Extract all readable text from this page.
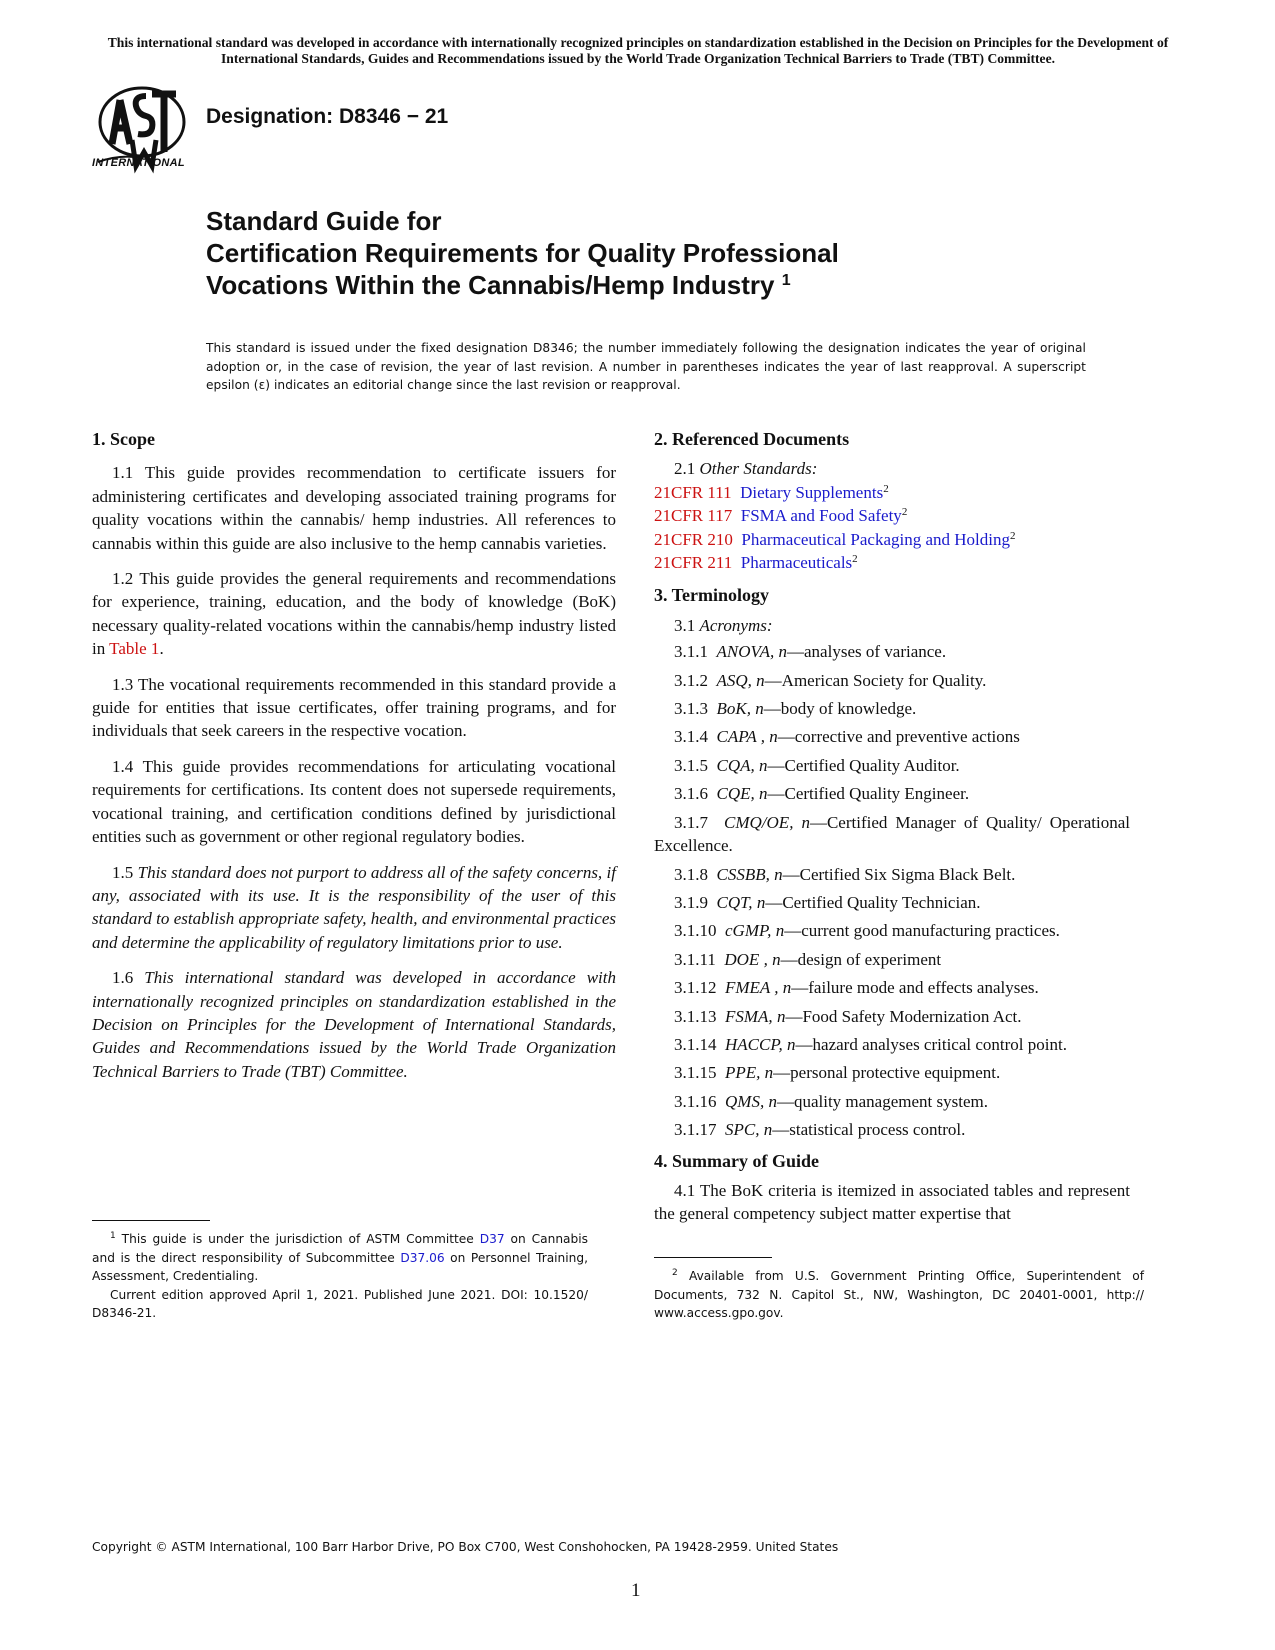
This international standard was developed in accordance with internationally recognized principles on standardization established in the Decision on Principles for the Development of International Standards, Guides and Recommendations issued by the World Trade Organization Technical Barriers to Trade (TBT) Committee.
INTERNATIONAL
Designation: D8346 − 21
Standard Guide for
Certification Requirements for Quality Professional
Vocations Within the Cannabis/Hemp Industry $^1$
This standard is issued under the fixed designation D8346; the number immediately following the designation indicates the year of original adoption or, in the case of revision, the year of last revision. A number in parentheses indicates the year of last reapproval. A superscript epsilon (ε) indicates an editorial change since the last revision or reapproval.
1. Scope

1.1 This guide provides recommendation to certificate issuers for administering certificates and developing associated training programs for quality vocations within the cannabis/ hemp industries. All references to cannabis within this guide are also inclusive to the hemp cannabis varieties.

1.2 This guide provides the general requirements and recommendations for experience, training, education, and the body of knowledge (BoK) necessary quality-related vocations within the cannabis/hemp industry listed in Table 1.

1.3 The vocational requirements recommended in this standard provide a guide for entities that issue certificates, offer training programs, and for individuals that seek careers in the respective vocation.

1.4 This guide provides recommendations for articulating vocational requirements for certifications. Its content does not supersede requirements, vocational training, and certification conditions defined by jurisdictional entities such as government or other regional regulatory bodies.

1.5 This standard does not purport to address all of the safety concerns, if any, associated with its use. It is the responsibility of the user of this standard to establish appropriate safety, health, and environmental practices and determine the applicability of regulatory limitations prior to use.

1.6 This international standard was developed in accordance with internationally recognized principles on standardization established in the Decision on Principles for the Development of International Standards, Guides and Recommendations issued by the World Trade Organization Technical Barriers to Trade (TBT) Committee.

$^1$ This guide is under the jurisdiction of ASTM Committee D37 on Cannabis and is the direct responsibility of Subcommittee D37.06 on Personnel Training, Assessment, Credentialing.
Current edition approved April 1, 2021. Published June 2021. DOI: 10.1520/ D8346-21.
2. Referenced Documents
2.1 Other Standards:
21CFR 111 Dietary Supplements$^2$
21CFR 117 FSMA and Food Safety$^2$
21CFR 210 Pharmaceutical Packaging and Holding$^2$
21CFR 211 Pharmaceuticals$^2$
3. Terminology
3.1 Acronyms:
3.1.1 ANOVA, n—analyses of variance.
3.1.2 ASQ, n—American Society for Quality.
3.1.3 BoK, n—body of knowledge.
3.1.4 CAPA , n—corrective and preventive actions
3.1.5 CQA, n—Certified Quality Auditor.
3.1.6 CQE, n—Certified Quality Engineer.
3.1.7 CMQ/OE, n—Certified Manager of Quality/ Operational Excellence.
3.1.8 CSSBB, n—Certified Six Sigma Black Belt.
3.1.9 CQT, n—Certified Quality Technician.
3.1.10 cGMP, n—current good manufacturing practices.
3.1.11 DOE , n—design of experiment
3.1.12 FMEA , n—failure mode and effects analyses.
3.1.13 FSMA, n—Food Safety Modernization Act.
3.1.14 HACCP, n—hazard analyses critical control point.
3.1.15 PPE, n—personal protective equipment.
3.1.16 QMS, n—quality management system.
3.1.17 SPC, n—statistical process control.
4. Summary of Guide

4.1 The BoK criteria is itemized in associated tables and represent the general competency subject matter expertise that

$^2$ Available from U.S. Government Printing Office, Superintendent of Documents, 732 N. Capitol St., NW, Washington, DC 20401-0001, http:// www.access.gpo.gov.
Copyright © ASTM International, 100 Barr Harbor Drive, PO Box C700, West Conshohocken, PA 19428-2959. United States
1
